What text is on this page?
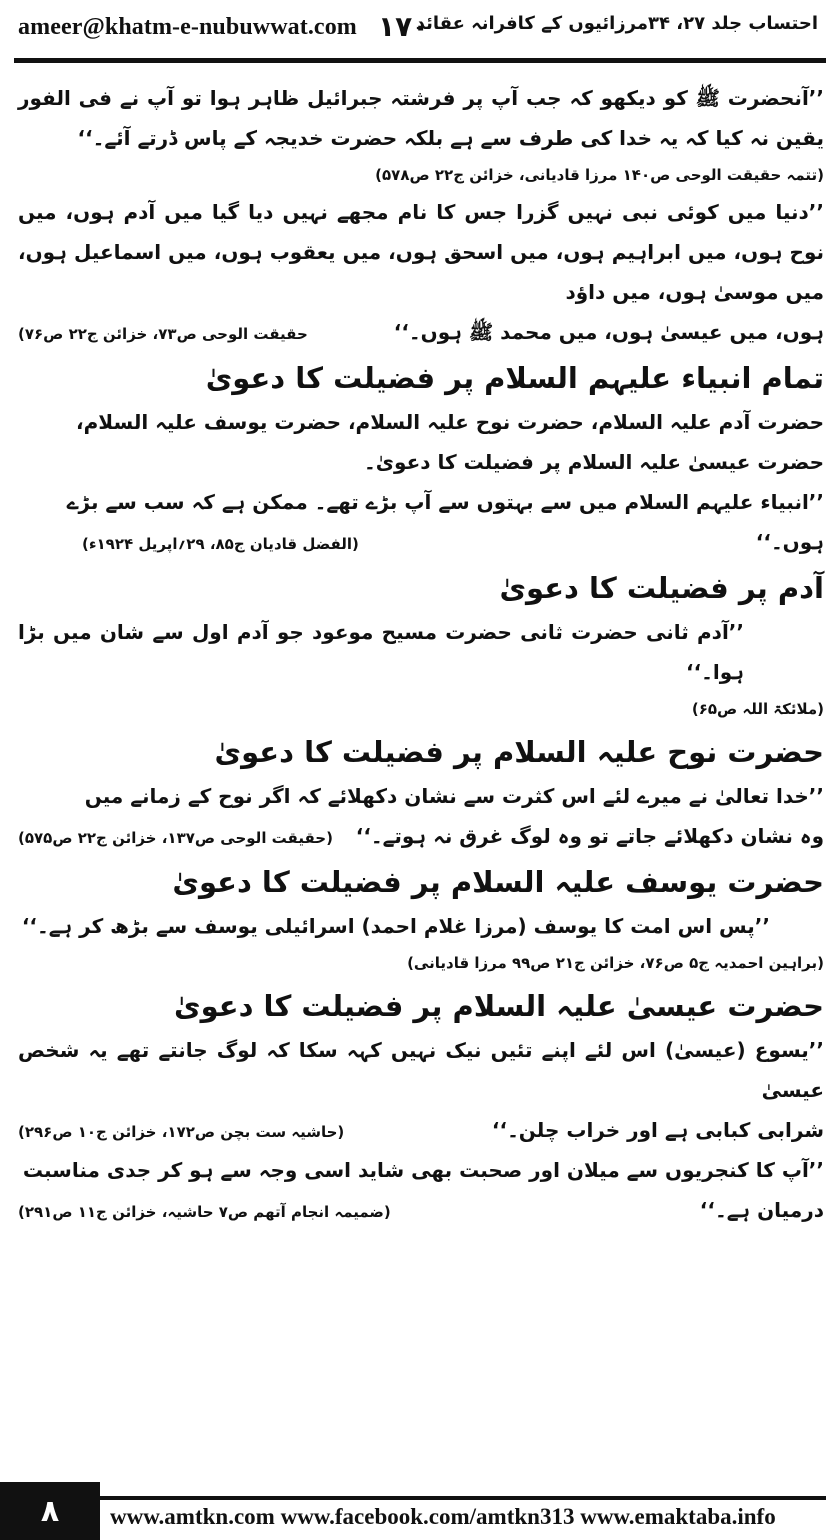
ameer@khatm-e-nubuwwat.com ۱۷۰
احتساب جلد ۲۷، ۳۴مرزائیوں کے کافرانہ عقائد

’’آنحضرت ﷺ کو دیکھو کہ جب آپ پر فرشتہ جبرائیل ظاہر ہوا تو آپ نے فی الفور یقین نہ کیا کہ یہ خدا کی طرف سے ہے بلکہ حضرت خدیجہ کے پاس ڈرتے آئے۔‘‘

(تتمہ حقیقت الوحی ص۱۴۰ مرزا قادیانی، خزائن ج۲۲ ص۵۷۸)

’’دنیا میں کوئی نبی نہیں گزرا جس کا نام مجھے نہیں دیا گیا میں آدم ہوں، میں نوح ہوں، میں ابراہیم ہوں، میں اسحق ہوں، میں یعقوب ہوں، میں اسماعیل ہوں، میں موسیٰ ہوں، میں داؤد

ہوں، میں عیسیٰ ہوں، میں محمد ﷺ ہوں۔‘‘
حقیقت الوحی ص۷۳، خزائن ج۲۲ ص۷۶)
تمام انبیاء علیہم السلام پر فضیلت کا دعویٰ

حضرت آدم علیہ السلام، حضرت نوح علیہ السلام، حضرت یوسف علیہ السلام، حضرت عیسیٰ علیہ السلام پر فضیلت کا دعویٰ۔

’’انبیاء علیہم السلام میں سے بہتوں سے آپ بڑے تھے۔ ممکن ہے کہ سب سے بڑے

ہوں۔‘‘
(الفضل قادیان ج۸۵، ۲۹؍اپریل ۱۹۲۴ء)
آدم پر فضیلت کا دعویٰ

’’آدم ثانی حضرت ثانی حضرت مسیح موعود جو آدم اول سے شان میں بڑا ہوا۔‘‘

(ملائکۃ اللہ ص۶۵)

حضرت نوح علیہ السلام پر فضیلت کا دعویٰ

’’خدا تعالیٰ نے میرے لئے اس کثرت سے نشان دکھلائے کہ اگر نوح کے زمانے میں

وہ نشان دکھلائے جاتے تو وہ لوگ غرق نہ ہوتے۔‘‘
(حقیقت الوحی ص۱۳۷، خزائن ج۲۲ ص۵۷۵)
حضرت یوسف علیہ السلام پر فضیلت کا دعویٰ

’’پس اس امت کا یوسف (مرزا غلام احمد) اسرائیلی یوسف سے بڑھ کر ہے۔‘‘

(براہین احمدیہ ج۵ ص۷۶، خزائن ج۲۱ ص۹۹ مرزا قادیانی)

حضرت عیسیٰ علیہ السلام پر فضیلت کا دعویٰ

’’یسوع (عیسیٰ) اس لئے اپنے تئیں نیک نہیں کہہ سکا کہ لوگ جانتے تھے یہ شخص عیسیٰ

شرابی کبابی ہے اور خراب چلن۔‘‘
(حاشیہ ست بچن ص۱۷۲، خزائن ج۱۰ ص۲۹۶)

’’آپ کا کنجریوں سے میلان اور صحبت بھی شاید اسی وجہ سے ہو کر جدی مناسبت

درمیان ہے۔‘‘
(ضمیمہ انجام آتھم ص۷ حاشیہ، خزائن ج۱۱ ص۲۹۱)
۸	www.amtkn.com www.facebook.com/amtkn313 www.emaktaba.info
